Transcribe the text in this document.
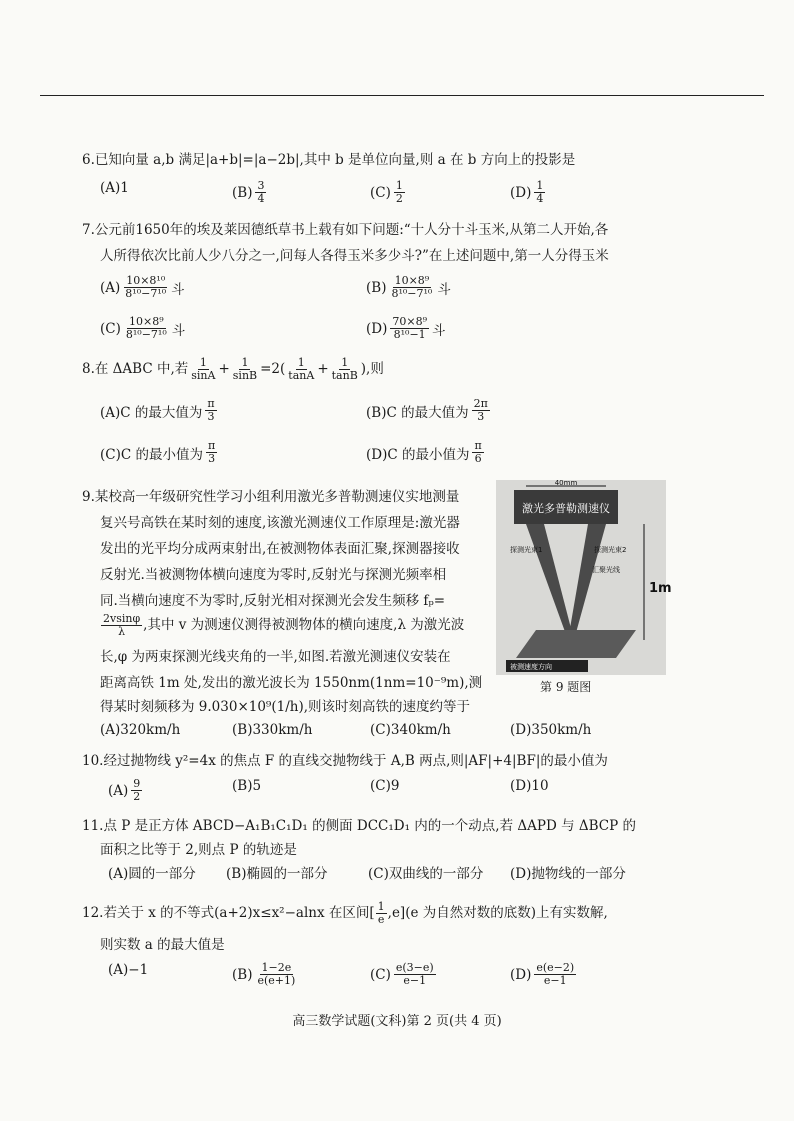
6.已知向量 a,b 满足|a+b|=|a−2b|,其中 b 是单位向量,则 a 在 b 方向上的投影是
(A)1	$(B) \frac{3}{4}$	$(C) \frac{1}{2}$	$(D) \frac{1}{4}$
7.公元前1650年的埃及莱因德纸草书上载有如下问题:“十人分十斗玉米,从第二人开始,各
人所得依次比前人少八分之一,问每人各得玉米多少斗?”在上述问题中,第一人分得玉米
$(A) \frac{\text{10×8¹⁰}}{\text{8¹⁰−7¹⁰}}$ 斗	$(B) \frac{\text{10×8⁹}}{\text{8¹⁰−7¹⁰}}$ 斗
$(C) \frac{\text{10×8⁹}}{\text{8¹⁰−7¹⁰}}$ 斗	$(D) \frac{\text{70×8⁹}}{\text{8¹⁰−1}}$ 斗
8.在 ΔABC 中,若 $\frac{1}{\sin A} + \frac{1}{\sin B} =2( \frac{1}{\tan A} + \frac{1}{\tan B}$ ),则
(A)C 的最大值为 $\frac{\pi}{3}$	(B)C 的最大值为 $\frac{2\pi}{3}$
(C)C 的最小值为 $\frac{\pi}{3}$	(D)C 的最小值为 $\frac{\pi}{6}$
9.某校高一年级研究性学习小组利用激光多普勒测速仪实地测量
复兴号高铁在某时刻的速度,该激光测速仪工作原理是:激光器
发出的光平均分成两束射出,在被测物体表面汇聚,探测器接收
反射光.当被测物体横向速度为零时,反射光与探测光频率相
同.当横向速度不为零时,反射光相对探测光会发生频移 fₚ=
$\frac{2vsin\varphi}{\lambda}$ ,其中 v 为测速仪测得被测物体的横向速度,λ 为激光波
长,φ 为两束探测光线夹角的一半,如图.若激光测速仪安装在
距离高铁 1m 处,发出的激光波长为 1550nm(1nm=10⁻⁹m),测
得某时刻频移为 9.030×10⁹(1/h),则该时刻高铁的速度约等于
(A)320km/h	(B)330km/h	(C)340km/h	(D)350km/h
激光多普勒测速仪
40mm
探测光束1	探测光束2
汇聚光线
1m
被测速度方向
第 9 题图
10.经过抛物线 y²=4x 的焦点 F 的直线交抛物线于 A,B 两点,则|AF|+4|BF|的最小值为
$(A) \frac{9}{2}$	(B)5	(C)9	(D)10
11.点 P 是正方体 ABCD−A₁B₁C₁D₁ 的侧面 DCC₁D₁ 内的一个动点,若 ΔAPD 与 ΔBCP 的
面积之比等于 2,则点 P 的轨迹是
(A)圆的一部分 (B)椭圆的一部分	(C)双曲线的一部分 (D)抛物线的一部分
12.若关于 x 的不等式(a+2)x≤x²−alnx 在区间[ $\frac{1}{e} ,e](e$ 为自然对数的底数)上有实数解,
则实数 a 的最大值是
(A)−1	$(B) \frac{1-2e}{e(e+1)}$	$(C) \frac{e(3-e)}{e-1}$	$(D) \frac{e(e-2)}{e-1}$
高三数学试题(文科)第 2 页(共 4 页)
